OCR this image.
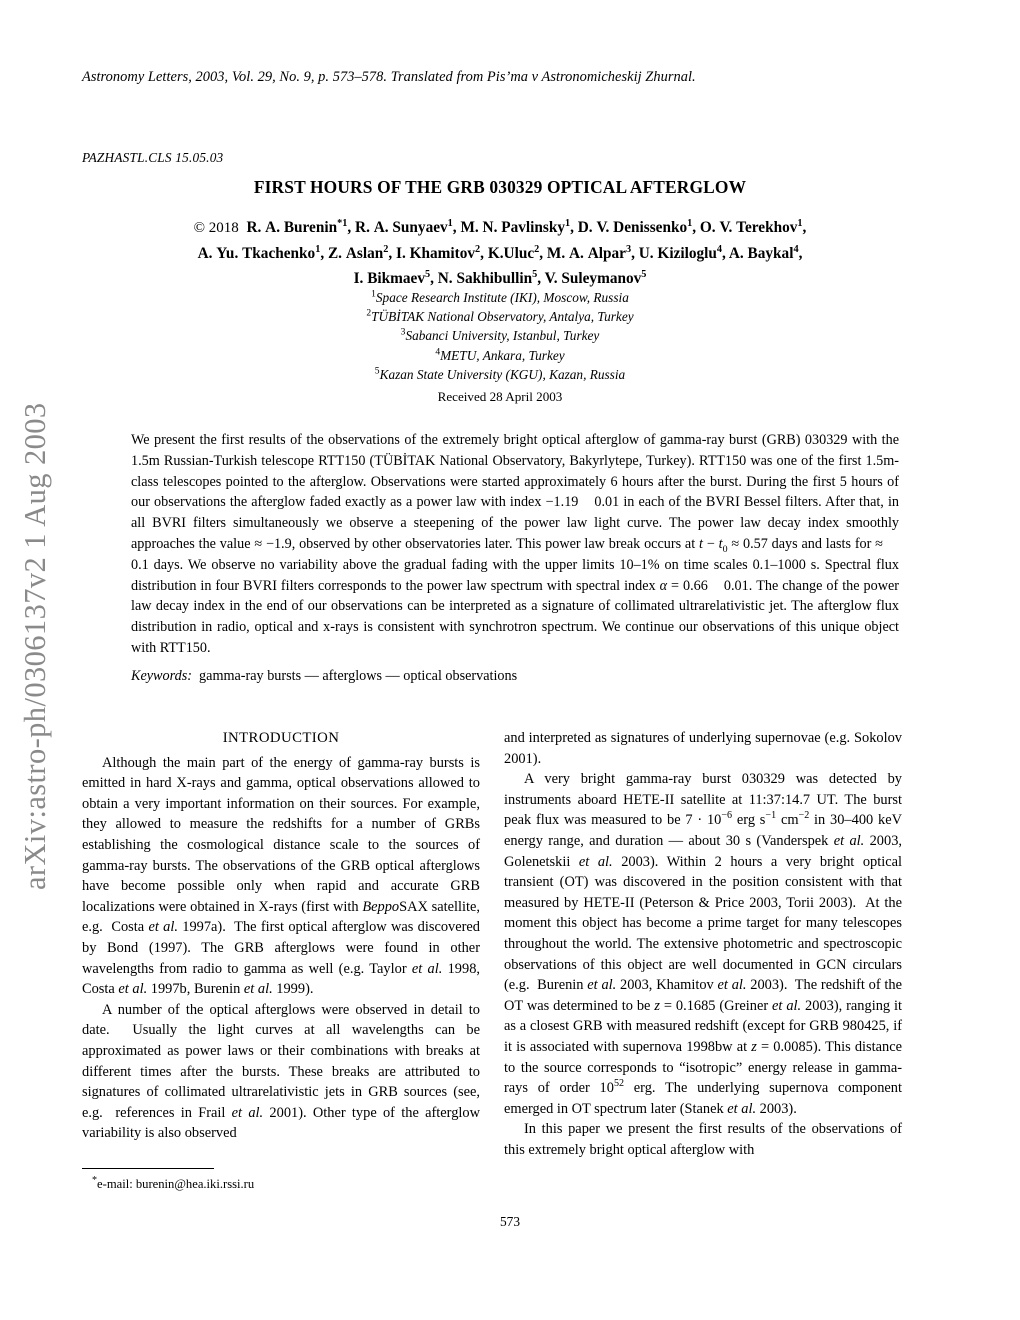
arXiv:astro-ph/0306137v2 1 Aug 2003
Astronomy Letters, 2003, Vol. 29, No. 9, p. 573–578. Translated from Pis’ma v Astronomicheskij Zhurnal.
PAZHASTL.CLS 15.05.03
FIRST HOURS OF THE GRB 030329 OPTICAL AFTERGLOW
© 2018  R. A. Burenin$^{*1}$, R. A. Sunyaev$^1$, M. N. Pavlinsky$^1$, D. V. Denissenko$^1$, O. V. Terekhov$^1$,
A. Yu. Tkachenko$^1$, Z. Aslan$^2$, I. Khamitov$^2$, K.Uluc$^2$, M. A. Alpar$^3$, U. Kiziloglu$^4$, A. Baykal$^4$,
I. Bikmaev$^5$, N. Sakhibullin$^5$, V. Suleymanov$^5$
$^1$Space Research Institute (IKI), Moscow, Russia
$^2$TÜBİTAK National Observatory, Antalya, Turkey
$^3$Sabanci University, Istanbul, Turkey
$^4$METU, Ankara, Turkey
$^5$Kazan State University (KGU), Kazan, Russia
Received 28 April 2003

We present the first results of the observations of the extremely bright optical afterglow of gamma-ray burst (GRB) 030329 with the 1.5m Russian-Turkish telescope RTT150 (TÜBİTAK National Observatory, Bakyrlytepe, Turkey). RTT150 was one of the first 1.5m-class telescopes pointed to the afterglow. Observations were started approximately 6 hours after the burst. During the first 5 hours of our observations the afterglow faded exactly as a power law with index −1.19 0.01 in each of the BVRI Bessel filters. After that, in all BVRI filters simultaneously we observe a steepening of the power law light curve. The power law decay index smoothly approaches the value ≈ −1.9, observed by other observatories later. This power law break occurs at $t - t_0 \approx 0.57$ days and lasts for ≈0.1 days. We observe no variability above the gradual fading with the upper limits 10–1% on time scales 0.1–1000 s. Spectral flux distribution in four BVRI filters corresponds to the power law spectrum with spectral index α = 0.66 0.01. The change of the power law decay index in the end of our observations can be interpreted as a signature of collimated ultrarelativistic jet. The afterglow flux distribution in radio, optical and x-rays is consistent with synchrotron spectrum. We continue our observations of this unique object with RTT150.

Keywords: gamma-ray bursts — afterglows — optical observations

INTRODUCTION

Although the main part of the energy of gamma-ray bursts is emitted in hard X-rays and gamma, optical observations allowed to obtain a very important information on their sources. For example, they allowed to measure the redshifts for a number of GRBs establishing the cosmological distance scale to the sources of gamma-ray bursts. The observations of the GRB optical afterglows have become possible only when rapid and accurate GRB localizations were obtained in X-rays (first with BeppoSAX satellite, e.g.  Costa et al. 1997a).  The first optical afterglow was discovered by Bond (1997). The GRB afterglows were found in other wavelengths from radio to gamma as well (e.g. Taylor et al. 1998, Costa et al. 1997b, Burenin et al. 1999).

A number of the optical afterglows were observed in detail to date.  Usually the light curves at all wavelengths can be approximated as power laws or their combinations with breaks at different times after the bursts. These breaks are attributed to signatures of collimated ultrarelativistic jets in GRB sources (see, e.g.  references in Frail et al. 2001). Other type of the afterglow variability is also observed

and interpreted as signatures of underlying supernovae (e.g. Sokolov 2001).

A very bright gamma-ray burst 030329 was detected by instruments aboard HETE-II satellite at 11:37:14.7 UT. The burst peak flux was measured to be $7 \cdot 10^{-6}$ erg $s^{-1}$ $cm^{-2}$ in 30–400 keV energy range, and duration — about 30 s (Vanderspek et al. 2003, Golenetskii et al. 2003). Within 2 hours a very bright optical transient (OT) was discovered in the position consistent with that measured by HETE-II (Peterson & Price 2003, Torii 2003).  At the moment this object has become a prime target for many telescopes throughout the world. The extensive photometric and spectroscopic observations of this object are well documented in GCN circulars (e.g.  Burenin et al. 2003, Khamitov et al. 2003).  The redshift of the OT was determined to be z = 0.1685 (Greiner et al. 2003), ranging it as a closest GRB with measured redshift (except for GRB 980425, if it is associated with supernova 1998bw at z = 0.0085). This distance to the source corresponds to “isotropic” energy release in gamma-rays of order $10^{52}$ erg. The underlying supernova component emerged in OT spectrum later (Stanek et al. 2003).

In this paper we present the first results of the observations of this extremely bright optical afterglow with

*e-mail: burenin@hea.iki.rssi.ru
573
